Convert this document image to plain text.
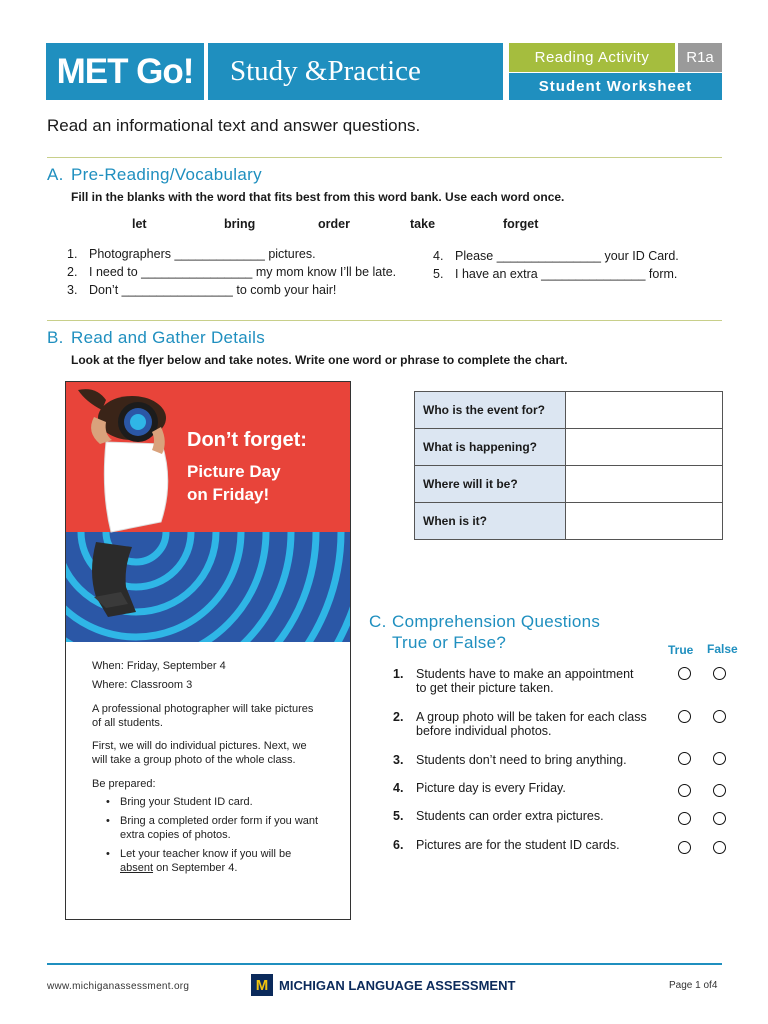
MET Go!	Study &Practice	Reading Activity	R1a
Student Worksheet
Read an informational text and answer questions.
A. Pre-Reading/Vocabulary
Fill in the blanks with the word that fits best from this word bank. Use each word once.
let	bring	order	take	forget
1. Photographers _____________ pictures.
2. I need to ________________ my mom know I’ll be late.
3. Don’t ________________ to comb your hair!
4. Please _______________ your ID Card.
5. I have an extra _______________ form.
B. Read and Gather Details
Look at the flyer below and take notes. Write one word or phrase to complete the chart.
Don’t forget:
Picture Day
on Friday!
When: Friday, September 4
Where: Classroom 3
A professional photographer will take pictures
of all students.
First, we will do individual pictures. Next, we
will take a group photo of the whole class.
Be prepared:
• Bring your Student ID card.
• Bring a completed order form if you want
extra copies of photos.
• Let your teacher know if you will be
absent on September 4.
Who is the event for?	
What is happening?	
Where will it be?	
When is it?	
C. Comprehension Questions
True or False?	True False
1. Students have to make an appointment
to get their picture taken.
2. A group photo will be taken for each class
before individual photos.
3. Students don’t need to bring anything.
4. Picture day is every Friday.
5. Students can order extra pictures.
6. Pictures are for the student ID cards.
www.michiganassessment.org	M MICHIGAN LANGUAGE ASSESSMENT	Page 1 of4
